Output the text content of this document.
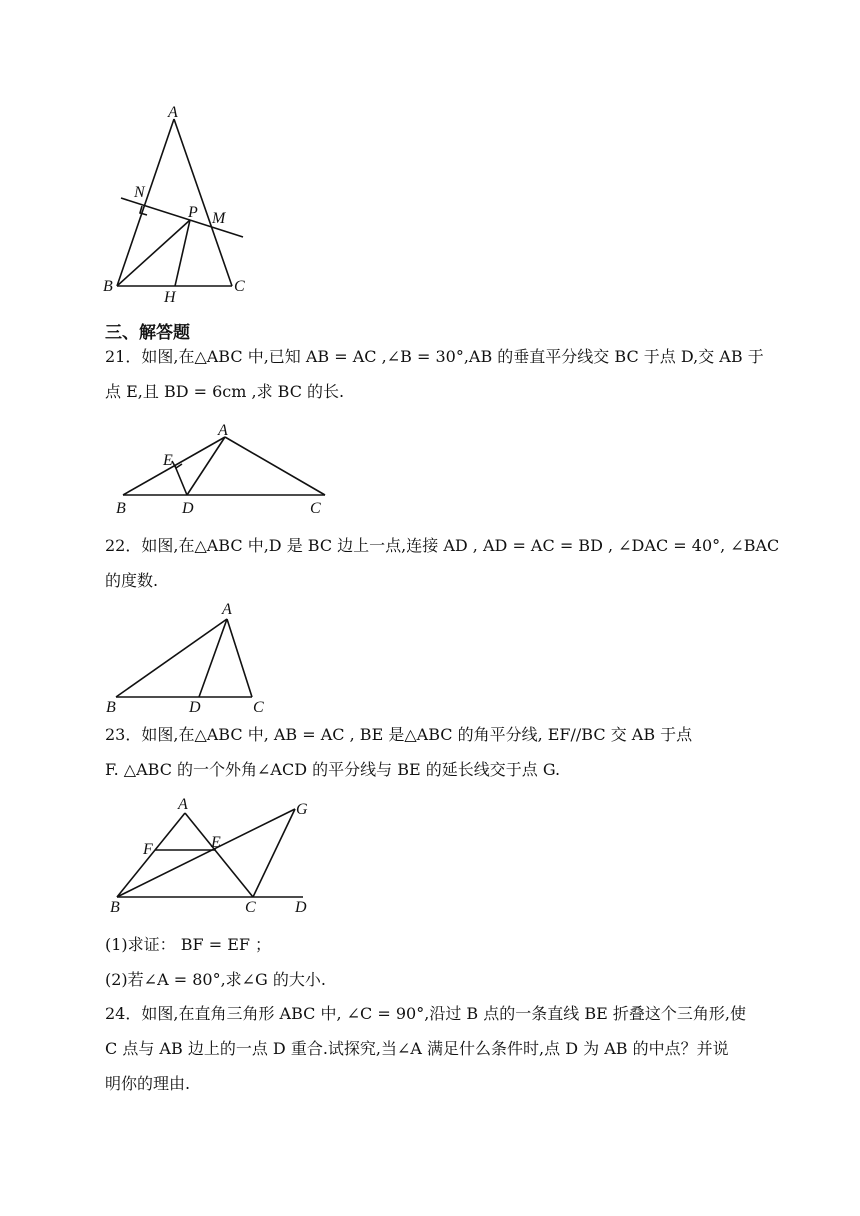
A
N
P M
B
H
C
三、解答题
21．如图,在△ABC 中,已知 AB = AC ,∠B = 30°,AB 的垂直平分线交 BC 于点 D,交 AB 于
点 E,且 BD = 6cm ,求 BC 的长.
A
E
B	D	C
22．如图,在△ABC 中,D 是 BC 边上一点,连接 AD , AD = AC = BD , ∠DAC = 40°, ∠BAC
的度数.
A
B	D	C
23．如图,在△ABC 中, AB = AC , BE 是△ABC 的角平分线, EF//BC 交 AB 于点
F. △ABC 的一个外角∠ACD 的平分线与 BE 的延长线交于点 G.
A	G
F	E
B	C D
(1)求证： BF = EF ；
(2)若∠A = 80°,求∠G 的大小.
24．如图,在直角三角形 ABC 中, ∠C = 90°,沿过 B 点的一条直线 BE 折叠这个三角形,使
C 点与 AB 边上的一点 D 重合.试探究,当∠A 满足什么条件时,点 D 为 AB 的中点？并说
明你的理由.
